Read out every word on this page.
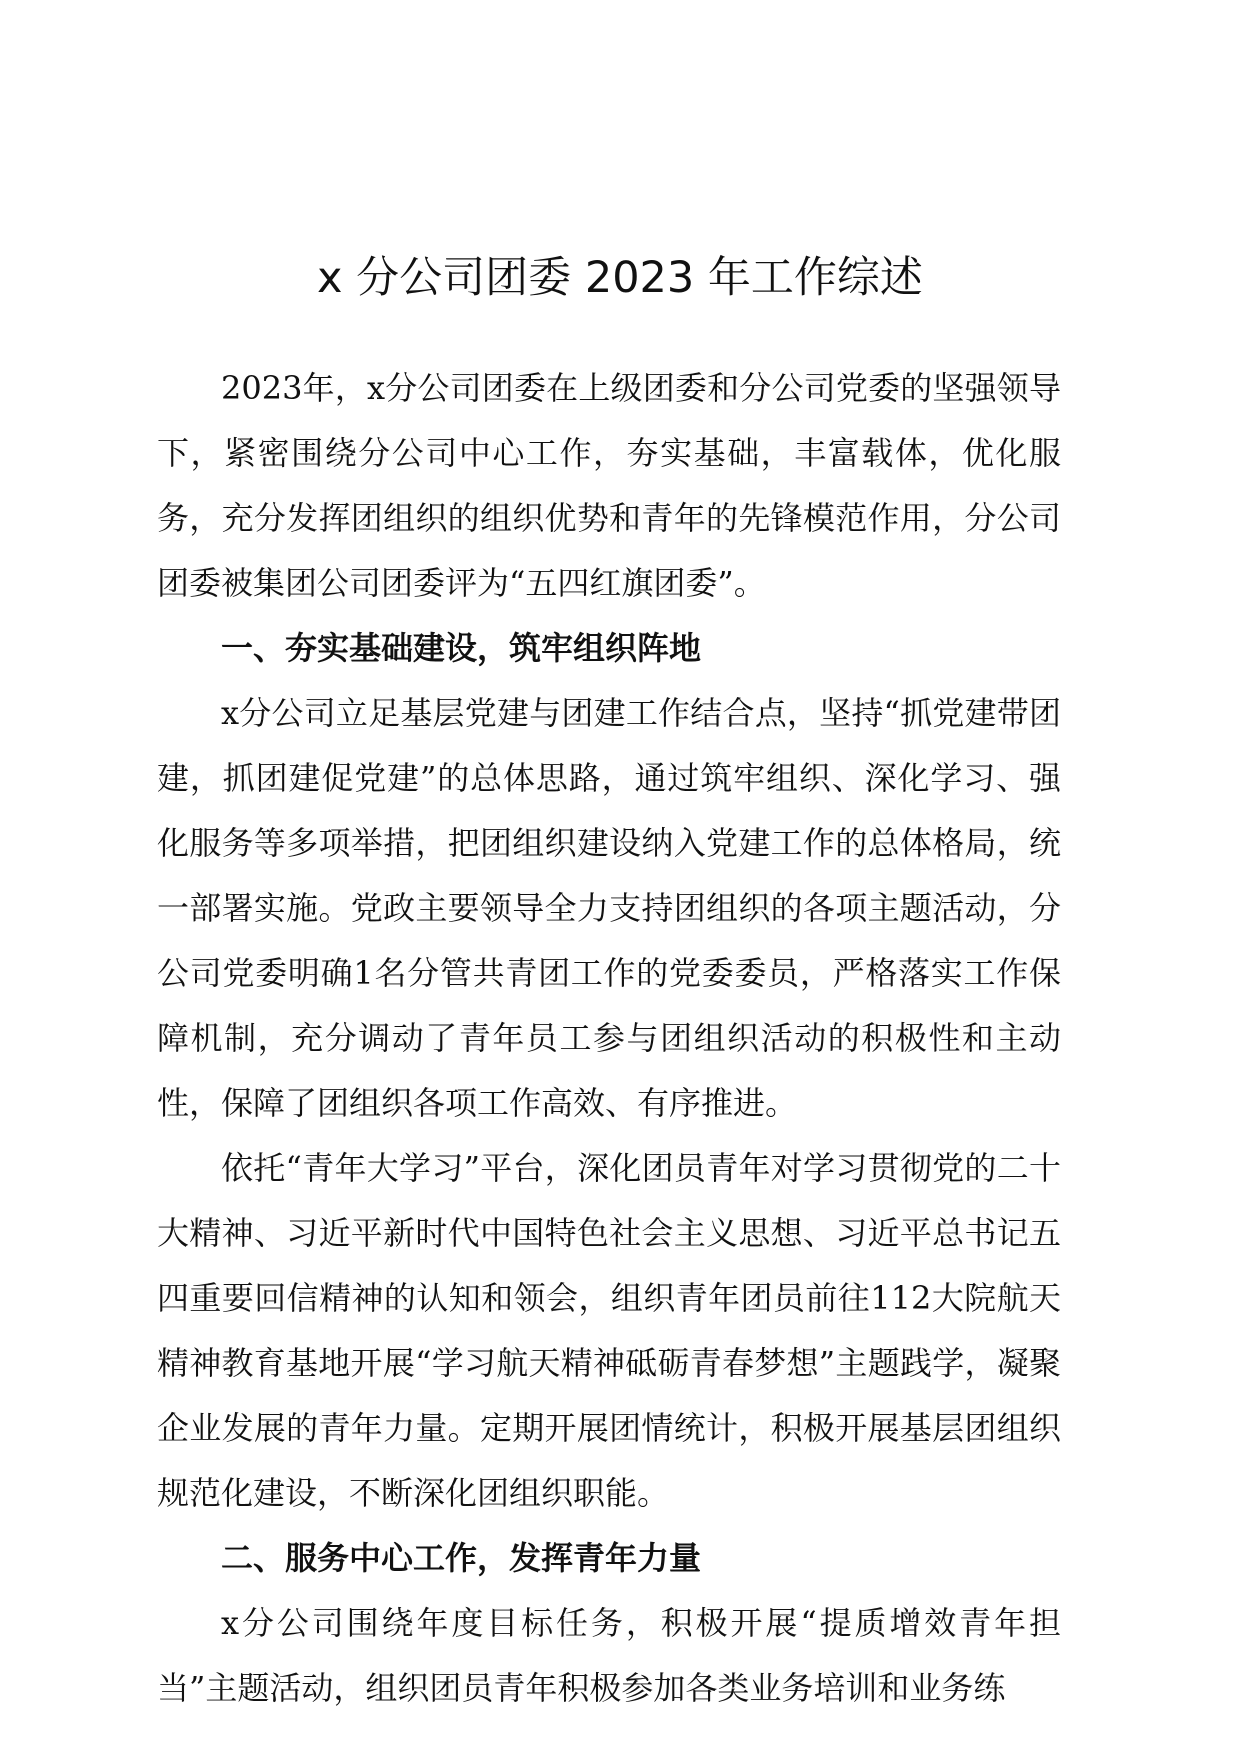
x 分公司团委 2023 年工作综述

2023年，x分公司团委在上级团委和分公司党委的坚强领导下，紧密围绕分公司中心工作，夯实基础，丰富载体，优化服务，充分发挥团组织的组织优势和青年的先锋模范作用，分公司团委被集团公司团委评为“五四红旗团委”。

一、夯实基础建设，筑牢组织阵地

x分公司立足基层党建与团建工作结合点，坚持“抓党建带团建，抓团建促党建”的总体思路，通过筑牢组织、深化学习、强化服务等多项举措，把团组织建设纳入党建工作的总体格局，统一部署实施。党政主要领导全力支持团组织的各项主题活动，分公司党委明确1名分管共青团工作的党委委员，严格落实工作保障机制，充分调动了青年员工参与团组织活动的积极性和主动性，保障了团组织各项工作高效、有序推进。

依托“青年大学习”平台，深化团员青年对学习贯彻党的二十大精神、习近平新时代中国特色社会主义思想、习近平总书记五四重要回信精神的认知和领会，组织青年团员前往112大院航天精神教育基地开展“学习航天精神砥砺青春梦想”主题践学，凝聚企业发展的青年力量。定期开展团情统计，积极开展基层团组织规范化建设，不断深化团组织职能。

二、服务中心工作，发挥青年力量

x分公司围绕年度目标任务，积极开展“提质增效青年担当”主题活动，组织团员青年积极参加各类业务培训和业务练
